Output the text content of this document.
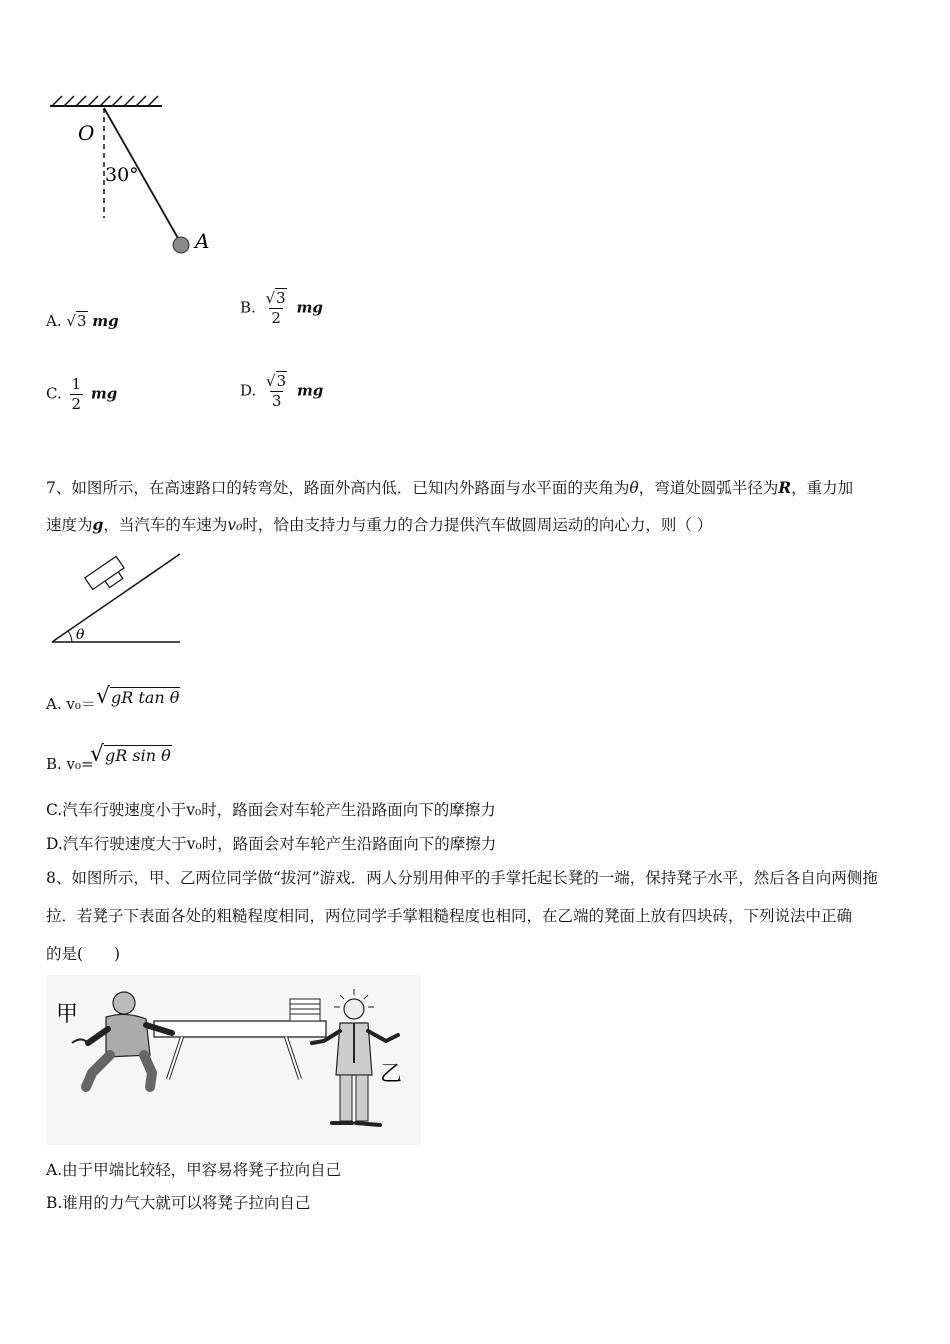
O
30°
A
A. √3 mg
B. $\frac{√3}{2}$ mg
C. $\frac{1}{2}$ mg	D. $\frac{√3}{3}$ mg
7、如图所示，在高速路口的转弯处，路面外高内低．已知内外路面与水平面的夹角为θ，弯道处圆弧半径为R，重力加
速度为g，当汽车的车速为v₀时，恰由支持力与重力的合力提供汽车做圆周运动的向心力，则（ ）
θ
A. v₀＝ √gR tan θ
B. v₀=
√gR sin θ
C.汽车行驶速度小于v₀时，路面会对车轮产生沿路面向下的摩擦力
D.汽车行驶速度大于v₀时，路面会对车轮产生沿路面向下的摩擦力
8、如图所示，甲、乙两位同学做“拔河”游戏．两人分别用伸平的手掌托起长凳的一端，保持凳子水平，然后各自向两侧拖
拉．若凳子下表面各处的粗糙程度相同，两位同学手掌粗糙程度也相同，在乙端的凳面上放有四块砖，下列说法中正确
的是(　　)
甲
乙
A.由于甲端比较轻，甲容易将凳子拉向自己
B.谁用的力气大就可以将凳子拉向自己
